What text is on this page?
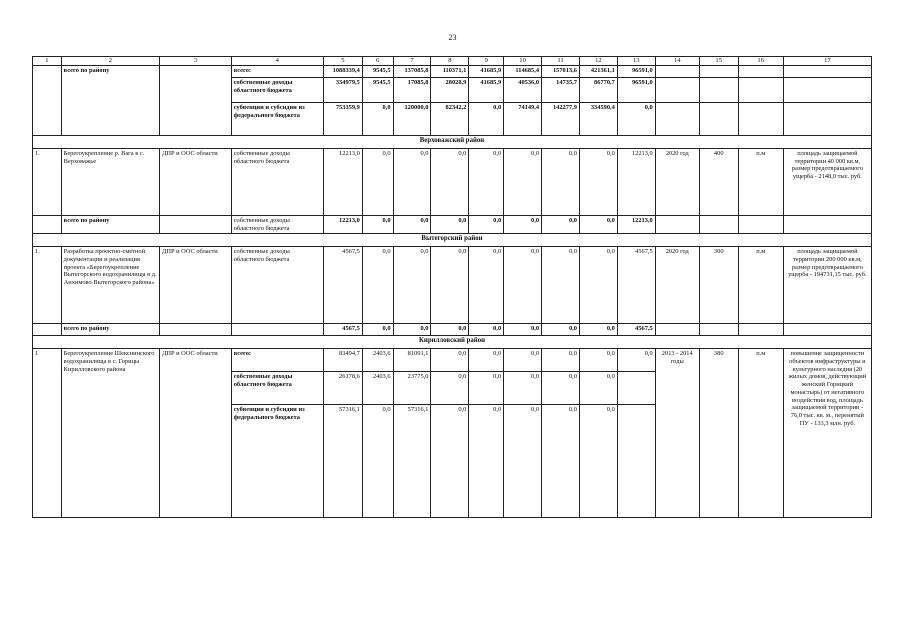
23
1	2	3	4	5	6	7	8	9	10	11	12	13	14	15	16	17
	всего по району		всего:	1088339,4	9545,5	137085,8	110371,1	41685,9	114685,4	157013,6	421361,1	96591,0				
			собственные доходы областного бюджета	334979,5	9545,5	17085,8	28028,9	41685,9	40536,0	14735,7	86770,7	96591,0				
			субвенции и субсидии из федерального бюджета	753359,9	0,0	120000,0	82342,2	0,0	74149,4	142277,9	334590,4	0,0				
Верховажский район																
1.	Берегоукрепление р. Вага в с. Верховажье	ДПР и ООС области	собственные доходы областного бюджета	12213,0	0,0	0,0	0,0	0,0	0,0	0,0	0,0	12213,0	2020 год	400	п.м	площадь защищаемой территории 40 000 кв.м, размер предотвращаемого ущерба - 2148,0 тыс. руб.
	всего по району		собственные доходы областного бюджета	12213,0	0,0	0,0	0,0	0,0	0,0	0,0	0,0	12213,0				
Вытегорский район																
1.	Разработка проектно-сметной документации и реализация проекта «Берегоукрепление Вытегорского водохранилища в д. Анхимово Вытегорского района»	ДПР и ООС области	собственные доходы областного бюджета	4567,5	0,0	0,0	0,0	0,0	0,0	0,0	0,0	4567,5	2020 год	300	п.м	площадь защищаемой территории 200 000 кв.м, размер предотвращаемого ущерба - 194731,15 тыс. руб.
	всего по району			4567,5	0,0	0,0	0,0	0,0	0,0	0,0	0,0	4567,5				
Кирилловский район																
1	Берегоукрепление Шекснинского водохранилища в с. Горицы Кирилловского района	ДПР и ООС области	всего:	83494,7	2403,6	81091,1	0,0	0,0	0,0	0,0	0,0	0,0	2013 - 2014 годы	380	п.м	повышение защищенности объектов инфраструктуры и культурного наследия (20 жилых домов, действующий женский Горицкий монастырь) от негативного воздействия вод, площадь защищаемой территории - 76,0 тыс. кв. м., перенятый ПУ - 133,3 млн. руб.
			собственные доходы областного бюджета	26178,6	2403,6	23775,0	0,0	0,0	0,0	0,0	0,0					
			субвенции и субсидии из федерального бюджета	57316,1	0,0	57316,1	0,0	0,0	0,0	0,0	0,0					
